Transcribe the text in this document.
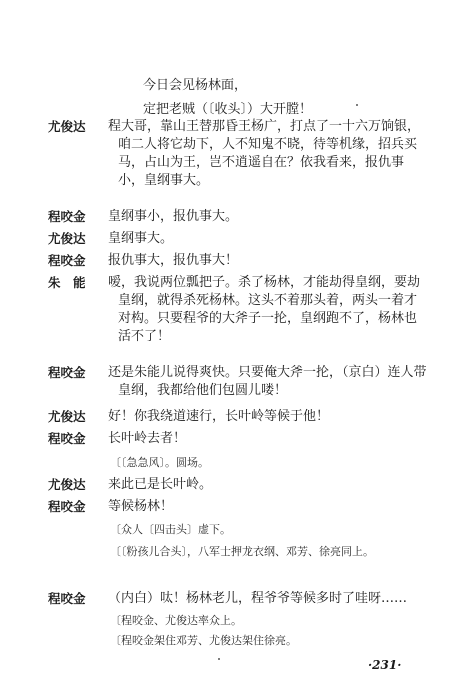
今日会见杨林面，
定把老贼（〔收头〕）大开膛！
尤俊达	程大哥，靠山王替那昏王杨广，打点了一十六万饷银，咱二人将它劫下，人不知鬼不晓，待等机缘，招兵买马，占山为王，岂不逍遥自在？依我看来，报仇事小，皇纲事大。
程咬金	皇纲事小，报仇事大。
尤俊达	皇纲事大。
程咬金	报仇事大，报仇事大！
朱　能	嗳，我说两位瓢把子。杀了杨林，才能劫得皇纲，要劫皇纲，就得杀死杨林。这头不着那头着，两头一着才对构。只要程爷的大斧子一抡，皇纲跑不了，杨林也活不了！
程咬金	还是朱能儿说得爽快。只要俺大斧一抡，（京白）连人带皇纲，我都给他们包圆儿喽！
尤俊达	好！你我绕道速行，长叶岭等候于他！
程咬金	长叶岭去者！
〔〔急急风〕。圆场。
尤俊达	来此已是长叶岭。
程咬金	等候杨林！
〔众人〔四击头〕虚下。
〔〔粉孩儿合头〕，八军士押龙衣纲、邓芳、徐亮同上。
程咬金	（内白）呔！杨林老儿，程爷爷等候多时了哇呀……
〔程咬金、尤俊达率众上。
〔程咬金架住邓芳、尤俊达架住徐亮。
·231·
